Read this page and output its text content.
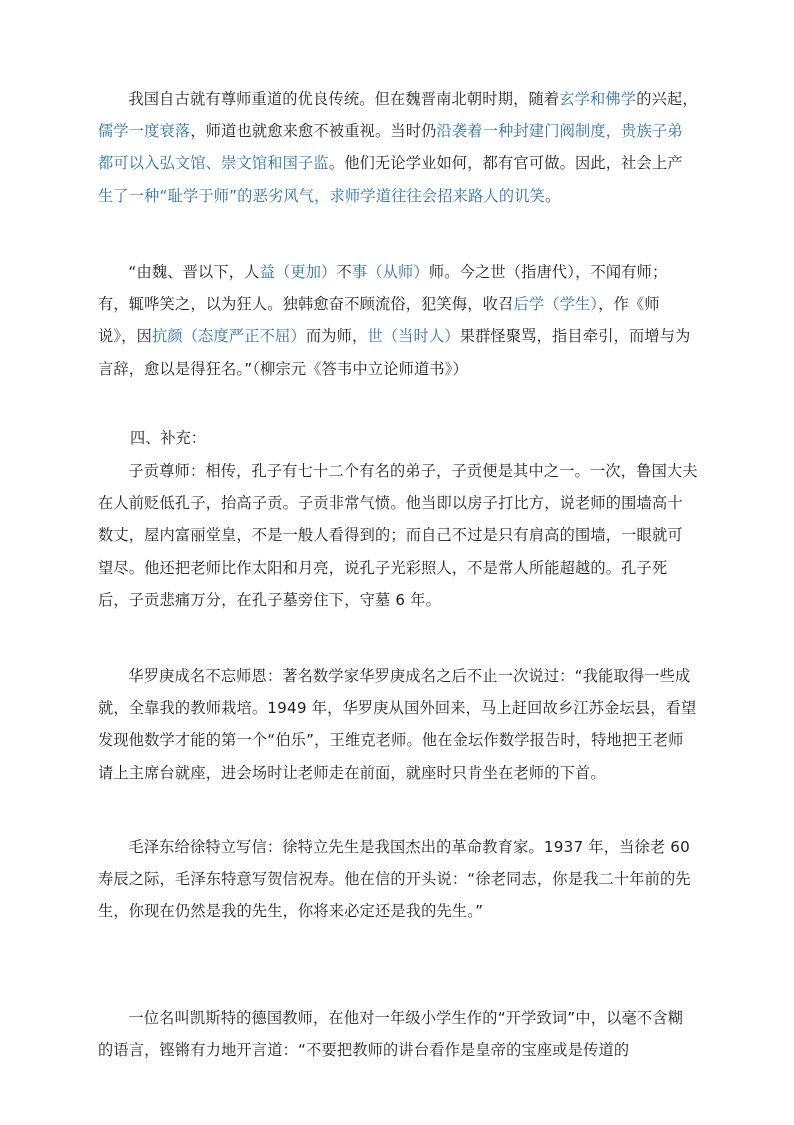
我国自古就有尊师重道的优良传统。但在魏晋南北朝时期，随着玄学和佛学的兴起，儒学一度衰落，师道也就愈来愈不被重视。当时仍沿袭着一种封建门阀制度，贵族子弟都可以入弘文馆、崇文馆和国子监。他们无论学业如何，都有官可做。因此，社会上产生了一种“耻学于师”的恶劣风气，求师学道往往会招来路人的讥笑。

“由魏、晋以下，人益（更加）不事（从师）师。今之世（指唐代），不闻有师；有，辄哗笑之，以为狂人。独韩愈奋不顾流俗，犯笑侮，收召后学（学生），作《师说》，因抗颜（态度严正不屈）而为师，世（当时人）果群怪聚骂，指目牵引，而增与为言辞，愈以是得狂名。”（柳宗元《答韦中立论师道书》）

四、补充：

子贡尊师：相传，孔子有七十二个有名的弟子，子贡便是其中之一。一次，鲁国大夫在人前贬低孔子，抬高子贡。子贡非常气愤。他当即以房子打比方，说老师的围墙高十数丈，屋内富丽堂皇，不是一般人看得到的；而自己不过是只有肩高的围墙，一眼就可望尽。他还把老师比作太阳和月亮，说孔子光彩照人，不是常人所能超越的。孔子死后，子贡悲痛万分，在孔子墓旁住下，守墓 6 年。

华罗庚成名不忘师恩：著名数学家华罗庚成名之后不止一次说过：“我能取得一些成就，全靠我的教师栽培。1949 年，华罗庚从国外回来，马上赶回故乡江苏金坛县，看望发现他数学才能的第一个“伯乐”，王维克老师。他在金坛作数学报告时，特地把王老师请上主席台就座，进会场时让老师走在前面，就座时只肯坐在老师的下首。

毛泽东给徐特立写信：徐特立先生是我国杰出的革命教育家。1937 年，当徐老 60 寿辰之际，毛泽东特意写贺信祝寿。他在信的开头说：“徐老同志，你是我二十年前的先生，你现在仍然是我的先生，你将来必定还是我的先生。”

一位名叫凯斯特的德国教师，在他对一年级小学生作的“开学致词”中，以毫不含糊的语言，铿锵有力地开言道：“不要把教师的讲台看作是皇帝的宝座或是传道的
